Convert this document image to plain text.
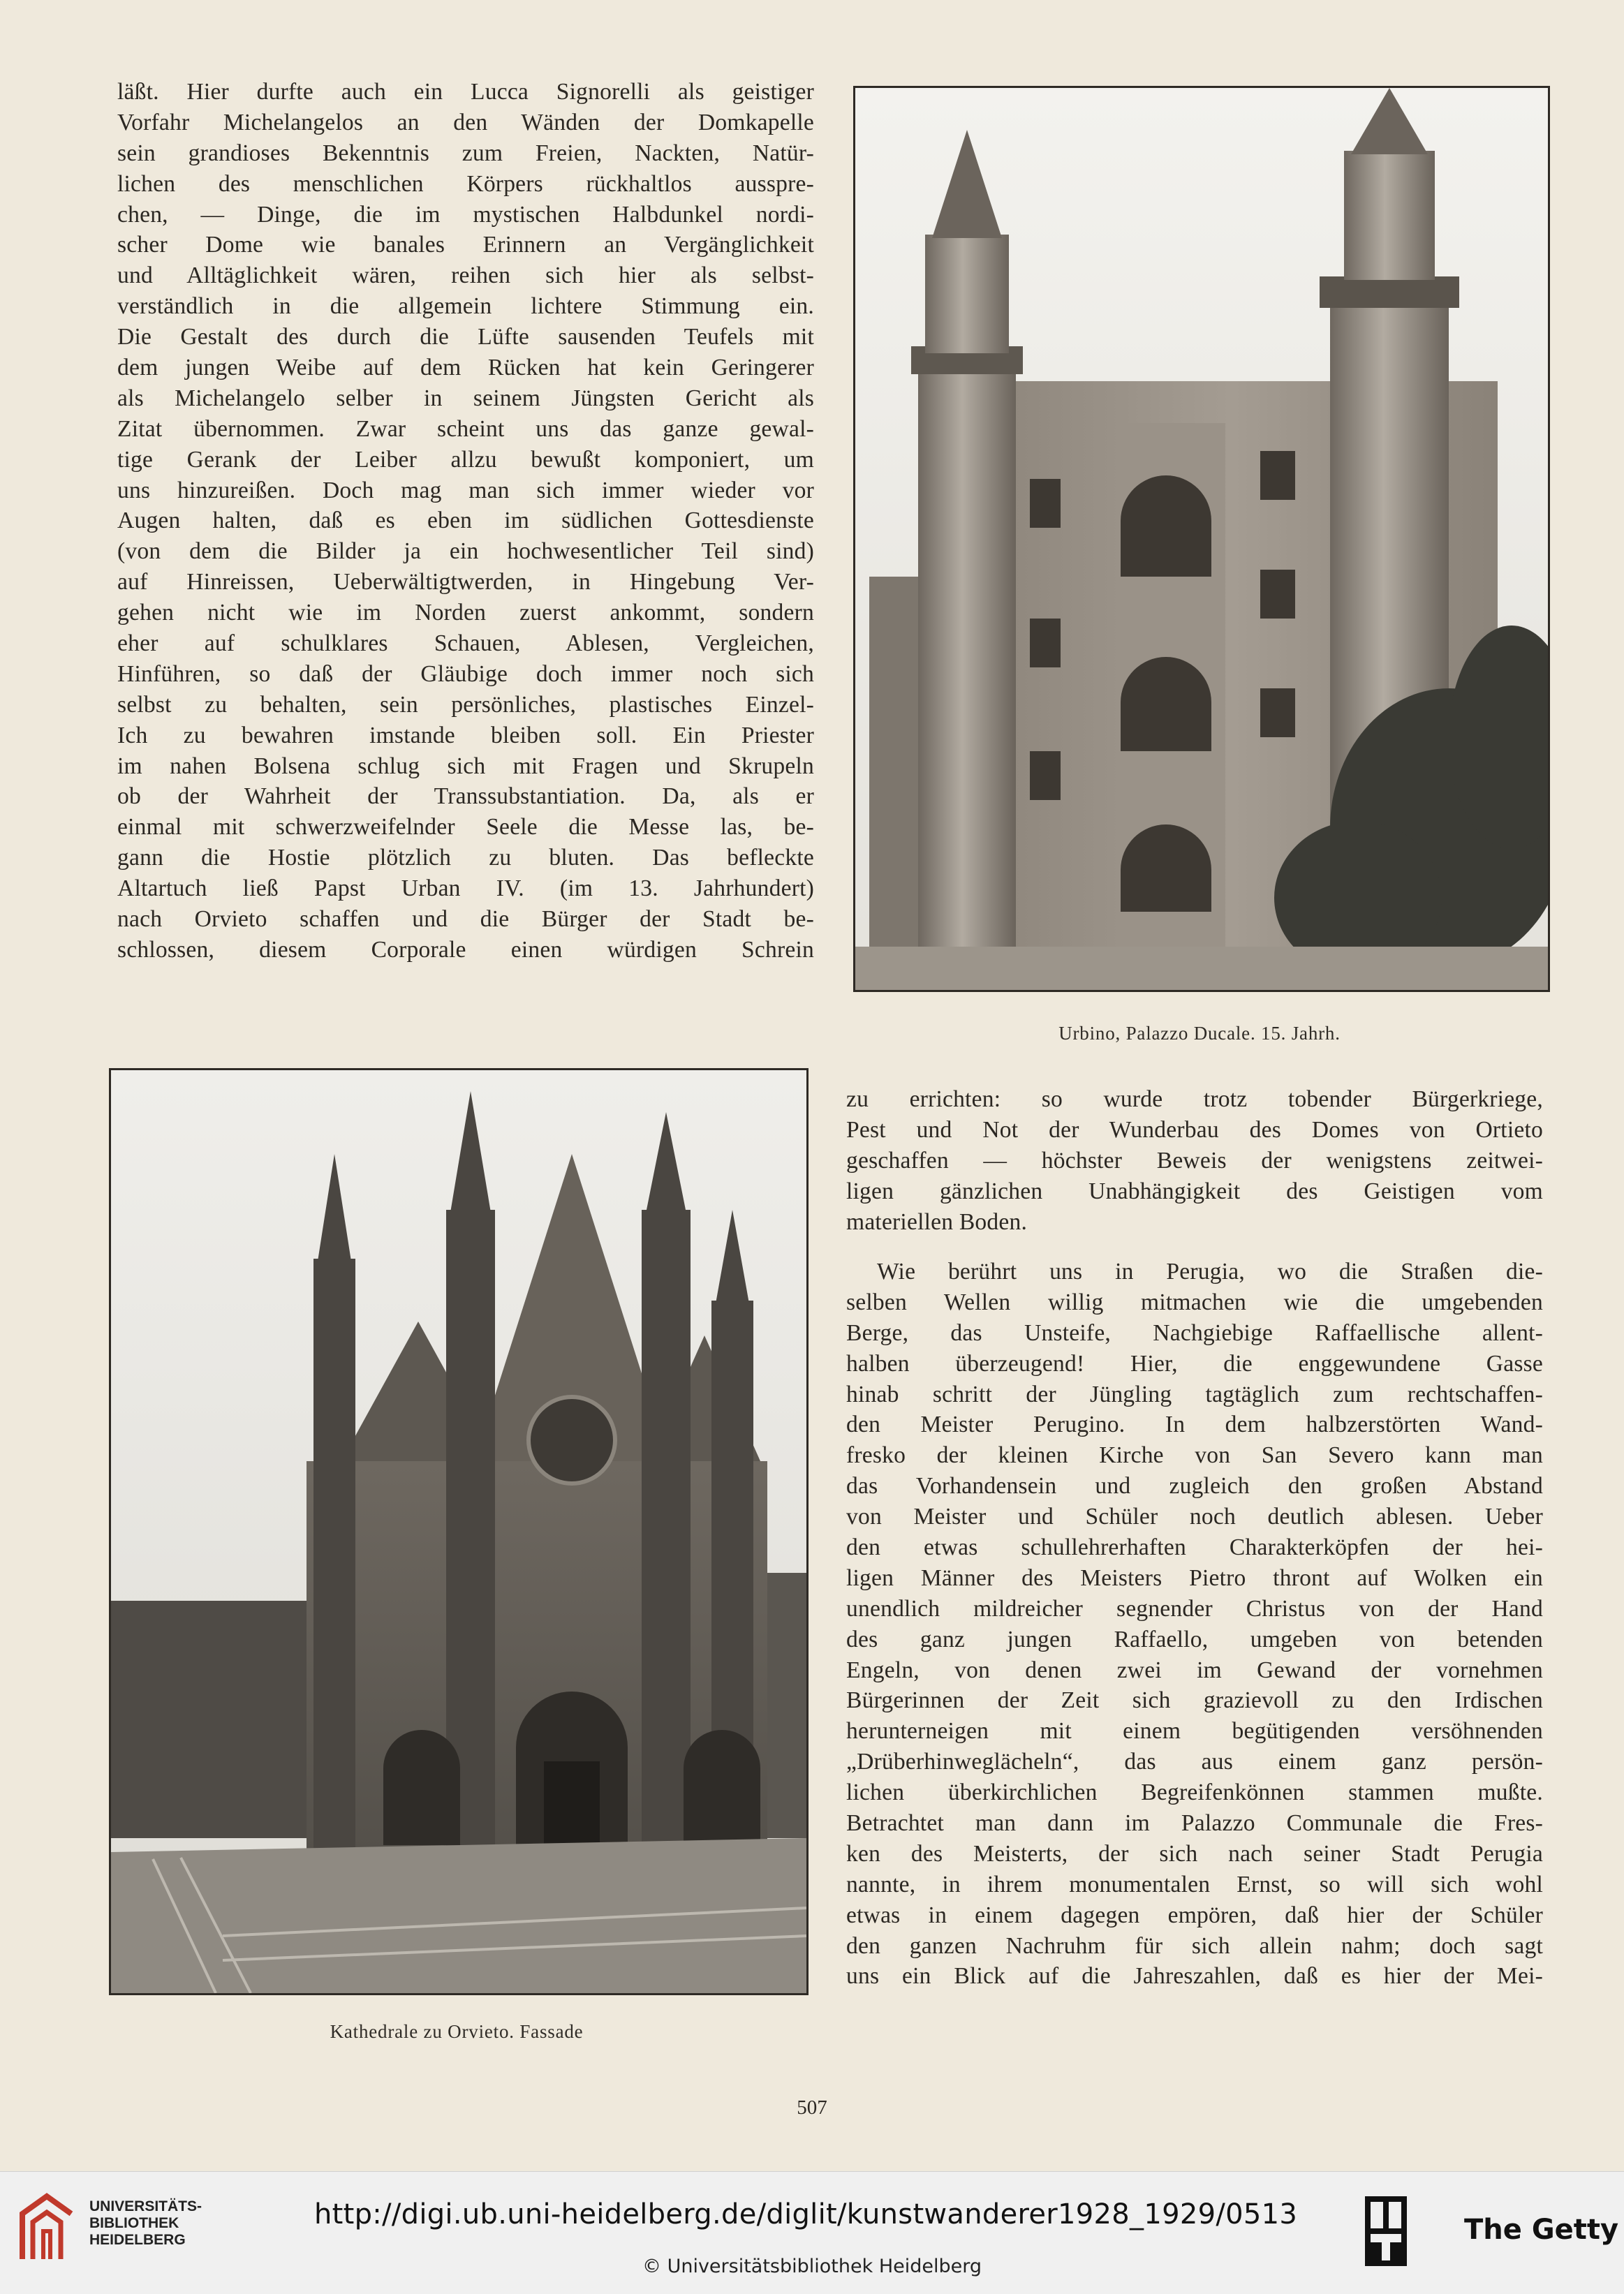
läßt. Hier durfte auch ein Lucca Signorelli als geistiger
Vorfahr Michelangelos an den Wänden der Domkapelle
sein grandioses Bekenntnis zum Freien, Nackten, Natür-
lichen des menschlichen Körpers rückhaltlos ausspre-
chen, — Dinge, die im mystischen Halbdunkel nordi-
scher Dome wie banales Erinnern an Vergänglichkeit
und Alltäglichkeit wären, reihen sich hier als selbst-
verständlich in die allgemein lichtere Stimmung ein.
Die Gestalt des durch die Lüfte sausenden Teufels mit
dem jungen Weibe auf dem Rücken hat kein Geringerer
als Michelangelo selber in seinem Jüngsten Gericht als
Zitat übernommen. Zwar scheint uns das ganze gewal-
tige Gerank der Leiber allzu bewußt komponiert, um
uns hinzureißen. Doch mag man sich immer wieder vor
Augen halten, daß es eben im südlichen Gottesdienste
(von dem die Bilder ja ein hochwesentlicher Teil sind)
auf Hinreissen, Ueberwältigtwerden, in Hingebung Ver-
gehen nicht wie im Norden zuerst ankommt, sondern
eher auf schulklares Schauen, Ablesen, Vergleichen,
Hinführen, so daß der Gläubige doch immer noch sich
selbst zu behalten, sein persönliches, plastisches Einzel-
Ich zu bewahren imstande bleiben soll. Ein Priester
im nahen Bolsena schlug sich mit Fragen und Skrupeln
ob der Wahrheit der Transsubstantiation. Da, als er
einmal mit schwerzweifelnder Seele die Messe las, be-
gann die Hostie plötzlich zu bluten. Das befleckte
Altartuch ließ Papst Urban IV. (im 13. Jahrhundert)
nach Orvieto schaffen und die Bürger der Stadt be-
schlossen, diesem Corporale einen würdigen Schrein
Urbino, Palazzo Ducale. 15. Jahrh.
Kathedrale zu Orvieto. Fassade
zu errichten: so wurde trotz tobender Bürgerkriege,
Pest und Not der Wunderbau des Domes von Ortieto
geschaffen — höchster Beweis der wenigstens zeitwei-
ligen gänzlichen Unabhängigkeit des Geistigen vom
materiellen Boden.
Wie berührt uns in Perugia, wo die Straßen die-
selben Wellen willig mitmachen wie die umgebenden
Berge, das Unsteife, Nachgiebige Raffaellische allent-
halben überzeugend! Hier, die enggewundene Gasse
hinab schritt der Jüngling tagtäglich zum rechtschaffen-
den Meister Perugino. In dem halbzerstörten Wand-
fresko der kleinen Kirche von San Severo kann man
das Vorhandensein und zugleich den großen Abstand
von Meister und Schüler noch deutlich ablesen. Ueber
den etwas schullehrerhaften Charakterköpfen der hei-
ligen Männer des Meisters Pietro thront auf Wolken ein
unendlich mildreicher segnender Christus von der Hand
des ganz jungen Raffaello, umgeben von betenden
Engeln, von denen zwei im Gewand der vornehmen
Bürgerinnen der Zeit sich grazievoll zu den Irdischen
herunterneigen mit einem begütigenden versöhnenden
„Drüberhinweglächeln“, das aus einem ganz persön-
lichen überkirchlichen Begreifenkönnen stammen mußte.
Betrachtet man dann im Palazzo Communale die Fres-
ken des Meisterts, der sich nach seiner Stadt Perugia
nannte, in ihrem monumentalen Ernst, so will sich wohl
etwas in einem dagegen empören, daß hier der Schüler
den ganzen Nachruhm für sich allein nahm; doch sagt
uns ein Blick auf die Jahreszahlen, daß es hier der Mei-
507
UNIVERSITÄTS-
BIBLIOTHEK
HEIDELBERG
http://digi.ub.uni-heidelberg.de/diglit/kunstwanderer1928_1929/0513
© Universitätsbibliothek Heidelberg
The Getty
